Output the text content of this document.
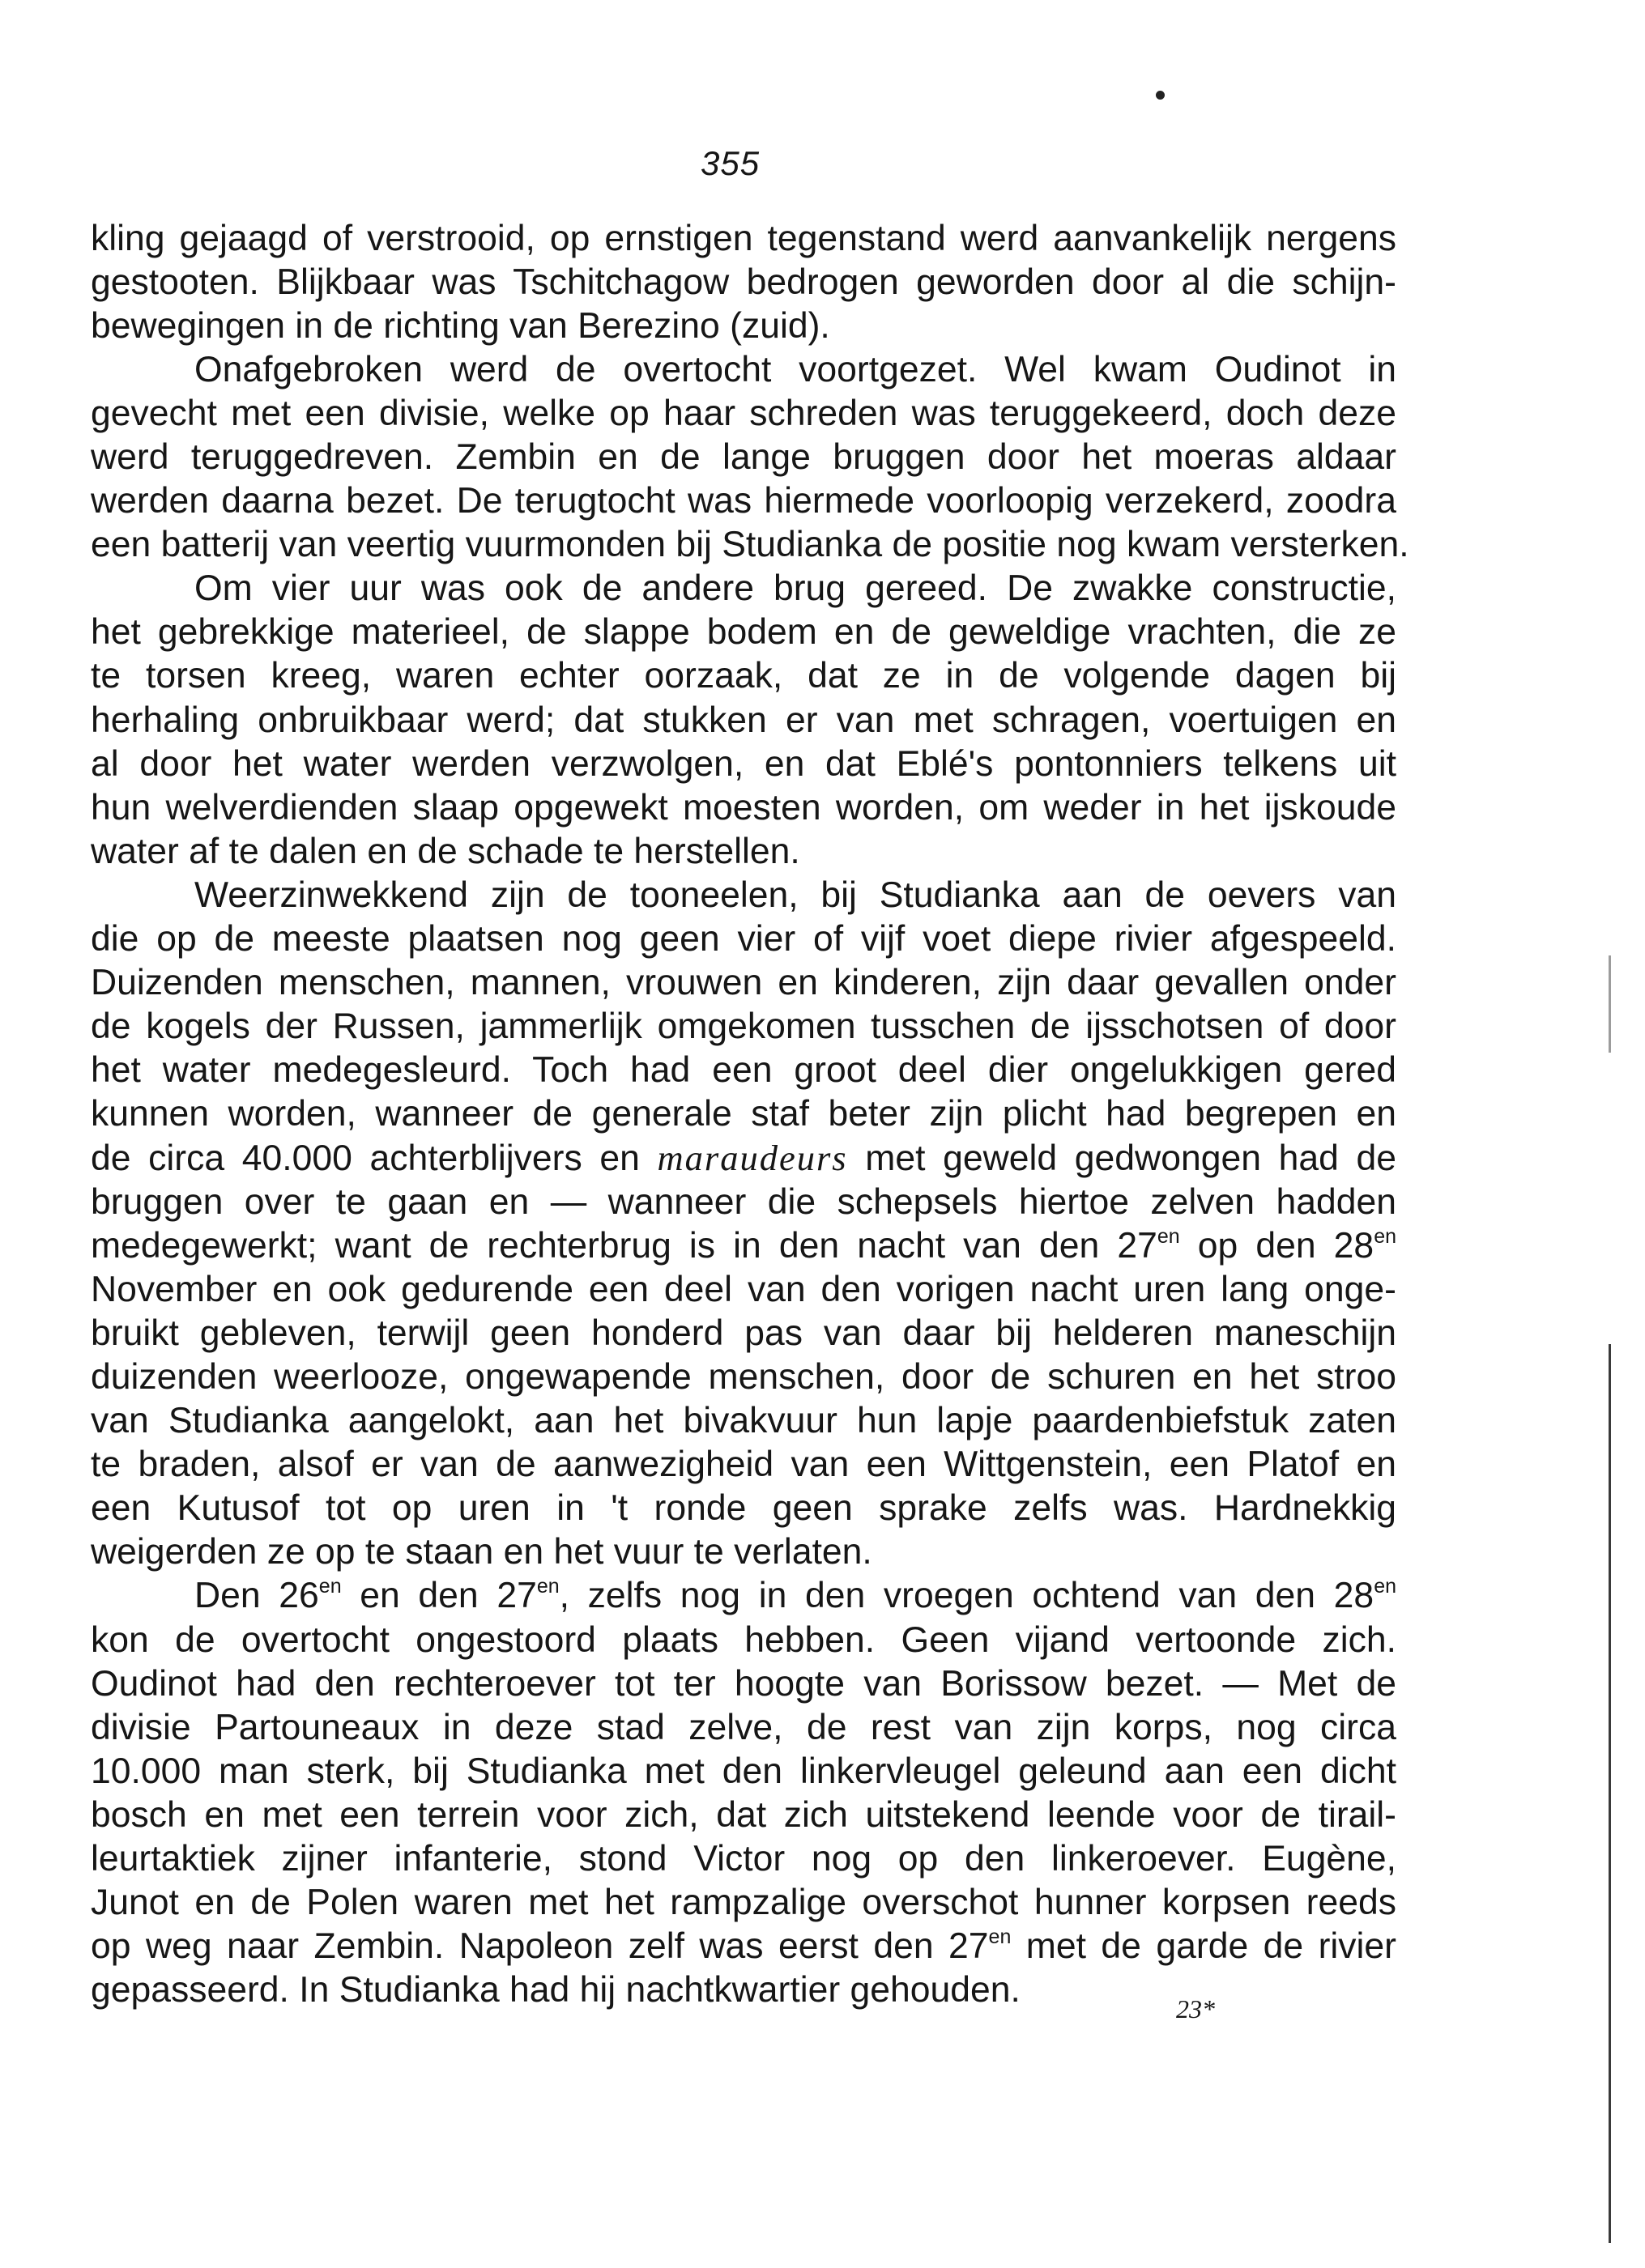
355
kling gejaagd of verstrooid, op ernstigen tegenstand werd aanvankelijk nergens
gestooten. Blijkbaar was Tschitchagow bedrogen geworden door al die schijn-
bewegingen in de richting van Berezino (zuid).
Onafgebroken werd de overtocht voortgezet. Wel kwam Oudinot in
gevecht met een divisie, welke op haar schreden was teruggekeerd, doch deze
werd teruggedreven. Zembin en de lange bruggen door het moeras aldaar
werden daarna bezet. De terugtocht was hiermede voorloopig verzekerd, zoodra
een batterij van veertig vuurmonden bij Studianka de positie nog kwam versterken.
Om vier uur was ook de andere brug gereed. De zwakke constructie,
het gebrekkige materieel, de slappe bodem en de geweldige vrachten, die ze
te torsen kreeg, waren echter oorzaak, dat ze in de volgende dagen bij
herhaling onbruikbaar werd; dat stukken er van met schragen, voertuigen en
al door het water werden verzwolgen, en dat Eblé's pontonniers telkens uit
hun welverdienden slaap opgewekt moesten worden, om weder in het ijskoude
water af te dalen en de schade te herstellen.
Weerzinwekkend zijn de tooneelen, bij Studianka aan de oevers van
die op de meeste plaatsen nog geen vier of vijf voet diepe rivier afgespeeld.
Duizenden menschen, mannen, vrouwen en kinderen, zijn daar gevallen onder
de kogels der Russen, jammerlijk omgekomen tusschen de ijsschotsen of door
het water medegesleurd. Toch had een groot deel dier ongelukkigen gered
kunnen worden, wanneer de generale staf beter zijn plicht had begrepen en
de circa 40.000 achterblijvers en maraudeurs met geweld gedwongen had de
bruggen over te gaan en — wanneer die schepsels hiertoe zelven hadden
medegewerkt; want de rechterbrug is in den nacht van den $27^{en}$ op den $28^{en}$
November en ook gedurende een deel van den vorigen nacht uren lang onge-
bruikt gebleven, terwijl geen honderd pas van daar bij helderen maneschijn
duizenden weerlooze, ongewapende menschen, door de schuren en het stroo
van Studianka aangelokt, aan het bivakvuur hun lapje paardenbiefstuk zaten
te braden, alsof er van de aanwezigheid van een Wittgenstein, een Platof en
een Kutusof tot op uren in 't ronde geen sprake zelfs was. Hardnekkig
weigerden ze op te staan en het vuur te verlaten.
Den $26^{en}$ en den $27^{en}$, zelfs nog in den vroegen ochtend van den $28^{en}$
kon de overtocht ongestoord plaats hebben. Geen vijand vertoonde zich.
Oudinot had den rechteroever tot ter hoogte van Borissow bezet. — Met de
divisie Partouneaux in deze stad zelve, de rest van zijn korps, nog circa
10.000 man sterk, bij Studianka met den linkervleugel geleund aan een dicht
bosch en met een terrein voor zich, dat zich uitstekend leende voor de tirail-
leurtaktiek zijner infanterie, stond Victor nog op den linkeroever. Eugène,
Junot en de Polen waren met het rampzalige overschot hunner korpsen reeds
op weg naar Zembin. Napoleon zelf was eerst den $27^{en}$ met de garde de rivier
gepasseerd. In Studianka had hij nachtkwartier gehouden.	23*
